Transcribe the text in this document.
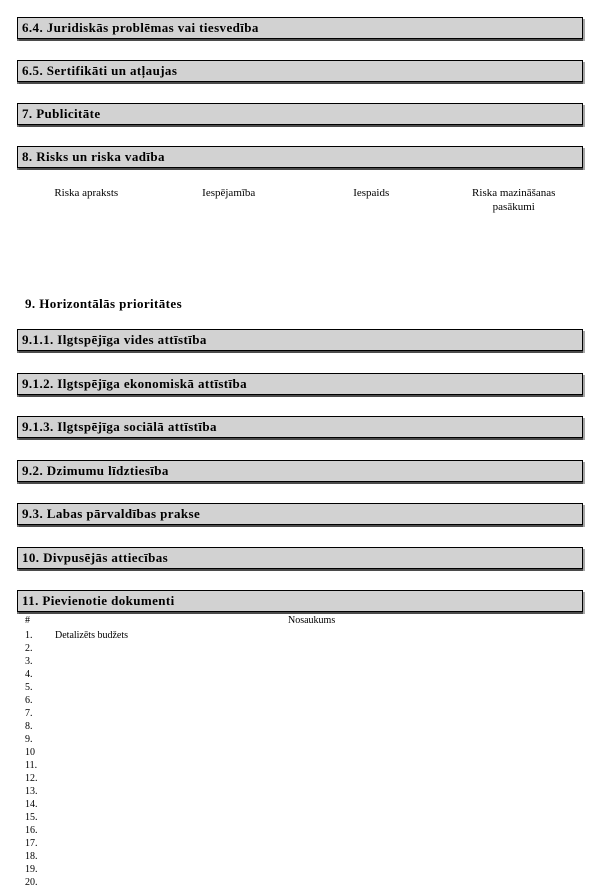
6.4. Juridiskās problēmas vai tiesvedība
6.5. Sertifikāti un atļaujas
7. Publicitāte
8. Risks un riska vadība
Riska apraksts	Iespējamība	Iespaids	Riska mazināšanas pasākumi
9. Horizontālās prioritātes
9.1.1. Ilgtspējīga vides attīstība
9.1.2. Ilgtspējīga ekonomiskā attīstība
9.1.3. Ilgtspējīga sociālā attīstība
9.2. Dzimumu līdztiesība
9.3. Labas pārvaldības prakse
10. Divpusējās attiecības
11. Pievienotie dokumenti
#	Nosaukums
1. Detalizēts budžets
2.
3.
4.
5.
6.
7.
8.
9.
10
11.
12.
13.
14.
15.
16.
17.
18.
19.
20.
